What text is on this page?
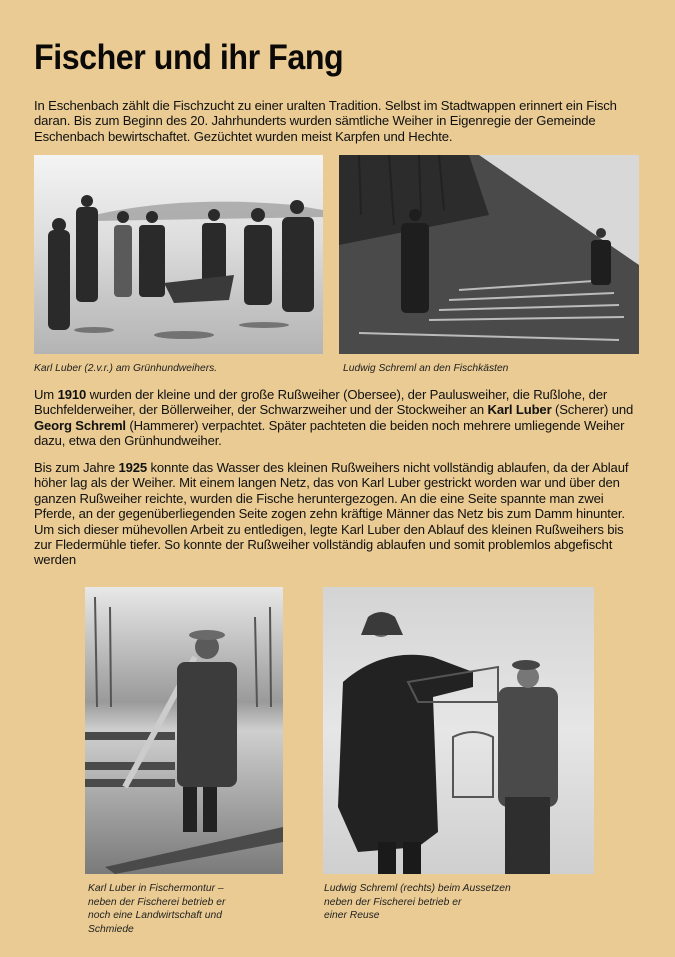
Fischer und ihr Fang

In Eschenbach zählt die Fischzucht zu einer uralten Tradition. Selbst im Stadtwappen erinnert ein Fisch daran. Bis zum Beginn des 20. Jahrhunderts wurden sämtliche Weiher in Eigenregie der Gemeinde Eschenbach bewirtschaftet. Gezüchtet wurden meist Karpfen und Hechte.

Karl Luber (2.v.r.) am Grünhundweihers.	Ludwig Schreml an den Fischkästen

Um 1910 wurden der kleine und der große Rußweiher (Obersee), der Paulusweiher, die Rußlohe, der Buchfelderweiher, der Böllerweiher, der Schwarzweiher und der Stockweiher an Karl Luber (Scherer) und Georg Schreml (Hammerer) verpachtet. Später pachteten die beiden noch mehrere umliegende Weiher dazu, etwa den Grünhundweiher.

Bis zum Jahre 1925 konnte das Wasser des kleinen Rußweihers nicht vollständig ablaufen, da der Ablauf höher lag als der Weiher. Mit einem langen Netz, das von Karl Luber gestrickt worden war und über den ganzen Rußweiher reichte, wurden die Fische heruntergezogen. An die eine Seite spannte man zwei Pferde, an der gegenüberliegenden Seite zogen zehn kräftige Männer das Netz bis zum Damm hinunter.
Um sich dieser mühevollen Arbeit zu entledigen, legte Karl Luber den Ablauf des kleinen Rußweihers bis zur Fledermühle tiefer. So konnte der Rußweiher vollständig ablaufen und somit problemlos abgefischt werden

Karl Luber in Fischermontur –
neben der Fischerei betrieb er
noch eine Landwirtschaft und
Schmiede
Ludwig Schreml (rechts) beim Aussetzen
neben der Fischerei betrieb er
einer Reuse
